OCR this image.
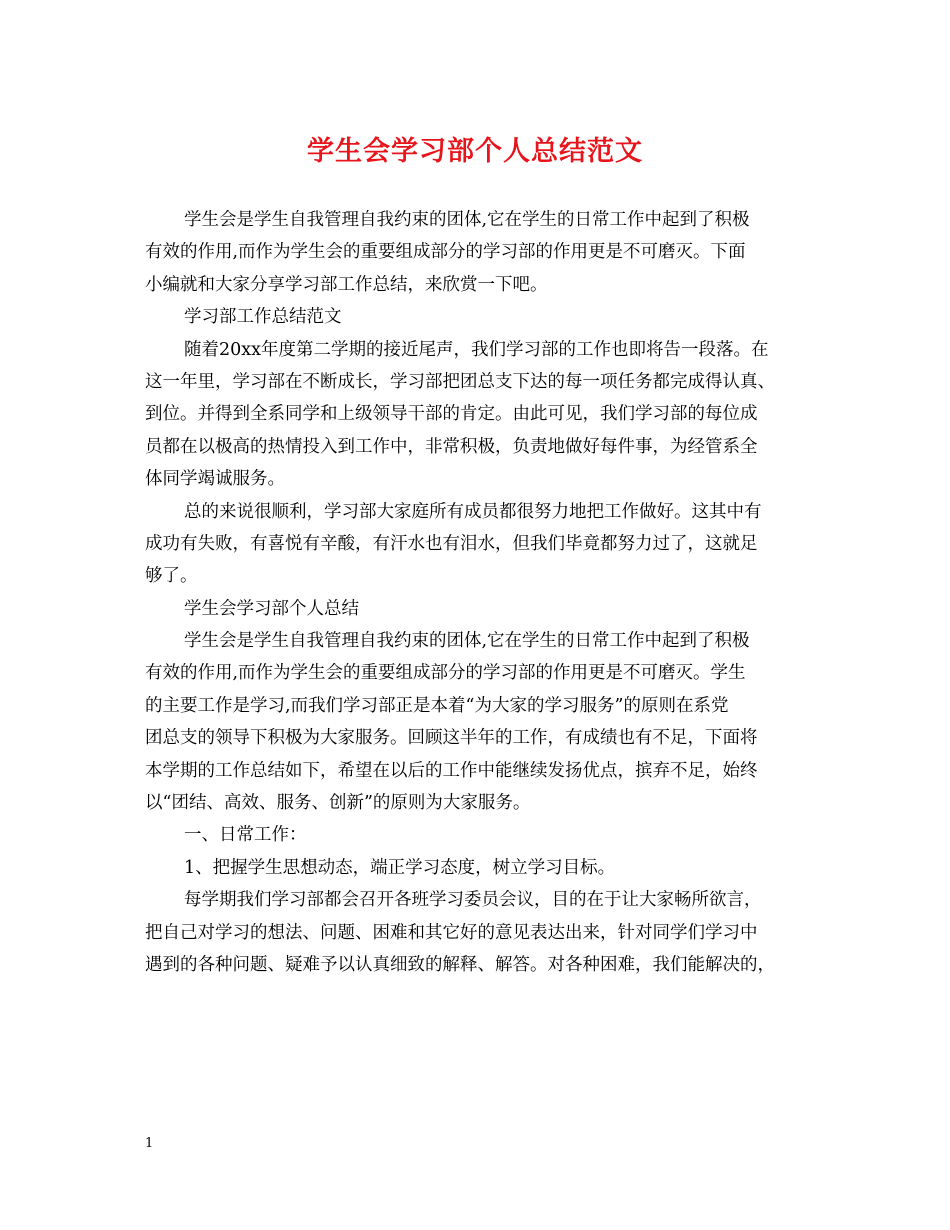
学生会学习部个人总结范文
学生会是学生自我管理自我约束的团体,它在学生的日常工作中起到了积极
有效的作用,而作为学生会的重要组成部分的学习部的作用更是不可磨灭。下面
小编就和大家分享学习部工作总结，来欣赏一下吧。
学习部工作总结范文
随着20xx年度第二学期的接近尾声，我们学习部的工作也即将告一段落。在
这一年里，学习部在不断成长，学习部把团总支下达的每一项任务都完成得认真、
到位。并得到全系同学和上级领导干部的肯定。由此可见，我们学习部的每位成
员都在以极高的热情投入到工作中，非常积极，负责地做好每件事，为经管系全
体同学竭诚服务。
总的来说很顺利，学习部大家庭所有成员都很努力地把工作做好。这其中有
成功有失败，有喜悦有辛酸，有汗水也有泪水，但我们毕竟都努力过了，这就足
够了。
学生会学习部个人总结
学生会是学生自我管理自我约束的团体,它在学生的日常工作中起到了积极
有效的作用,而作为学生会的重要组成部分的学习部的作用更是不可磨灭。学生
的主要工作是学习,而我们学习部正是本着“为大家的学习服务”的原则在系党
团总支的领导下积极为大家服务。回顾这半年的工作，有成绩也有不足，下面将
本学期的工作总结如下，希望在以后的工作中能继续发扬优点，摈弃不足，始终
以“团结、高效、服务、创新”的原则为大家服务。
一、日常工作：
1、把握学生思想动态，端正学习态度，树立学习目标。
每学期我们学习部都会召开各班学习委员会议，目的在于让大家畅所欲言，
把自己对学习的想法、问题、困难和其它好的意见表达出来，针对同学们学习中
遇到的各种问题、疑难予以认真细致的解释、解答。对各种困难，我们能解决的，
1
